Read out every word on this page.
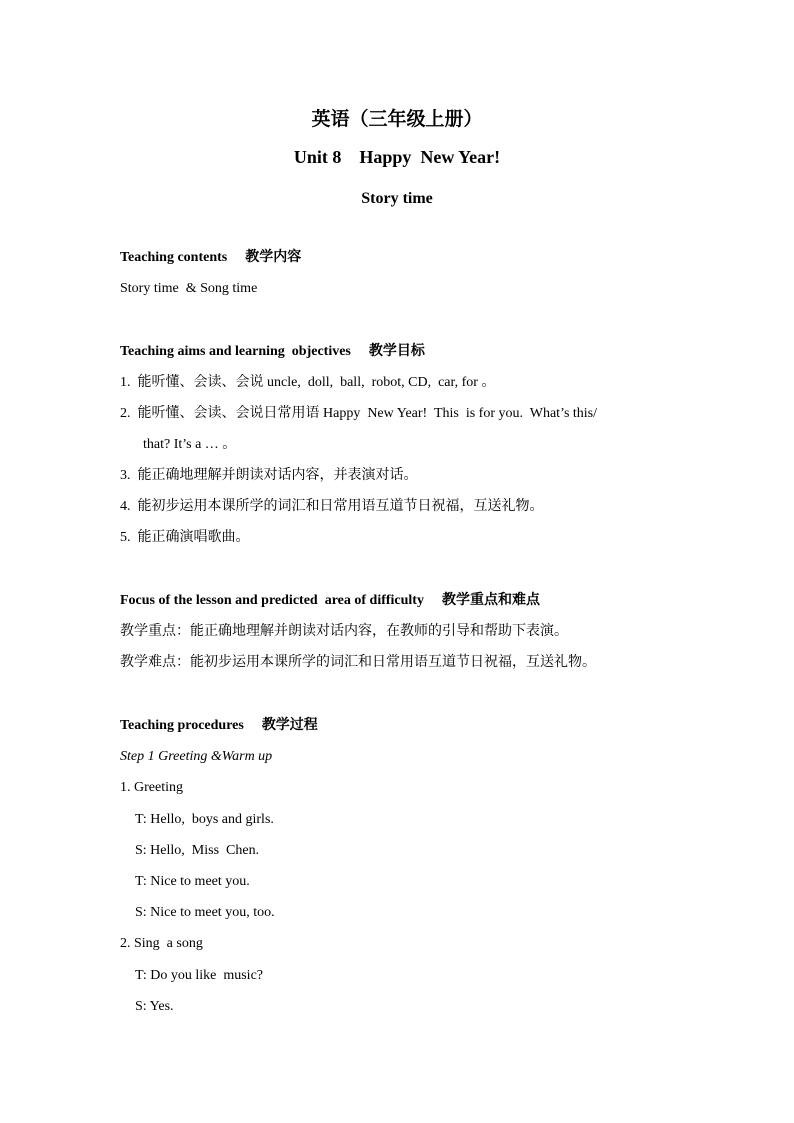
英语（三年级上册）
Unit 8    Happy  New Year!
Story time
Teaching contents 教学内容
Story time  & Song time
Teaching aims and learning  objectives 教学目标
1.  能听懂、会读、会说 uncle,  doll,  ball,  robot, CD,  car, for 。
2.  能听懂、会读、会说日常用语 Happy  New Year!  This  is for you.  What’s this/
that? It’s a … 。
3.  能正确地理解并朗读对话内容，并表演对话。
4.  能初步运用本课所学的词汇和日常用语互道节日祝福，互送礼物。
5.  能正确演唱歌曲。
Focus of the lesson and predicted  area of difficulty 教学重点和难点
教学重点：能正确地理解并朗读对话内容，在教师的引导和帮助下表演。
教学难点：能初步运用本课所学的词汇和日常用语互道节日祝福，互送礼物。
Teaching procedures 教学过程
Step 1 Greeting &Warm up
1. Greeting
T: Hello,  boys and girls.
S: Hello,  Miss  Chen.
T: Nice to meet you.
S: Nice to meet you, too.
2. Sing  a song
T: Do you like  music?
S: Yes.
